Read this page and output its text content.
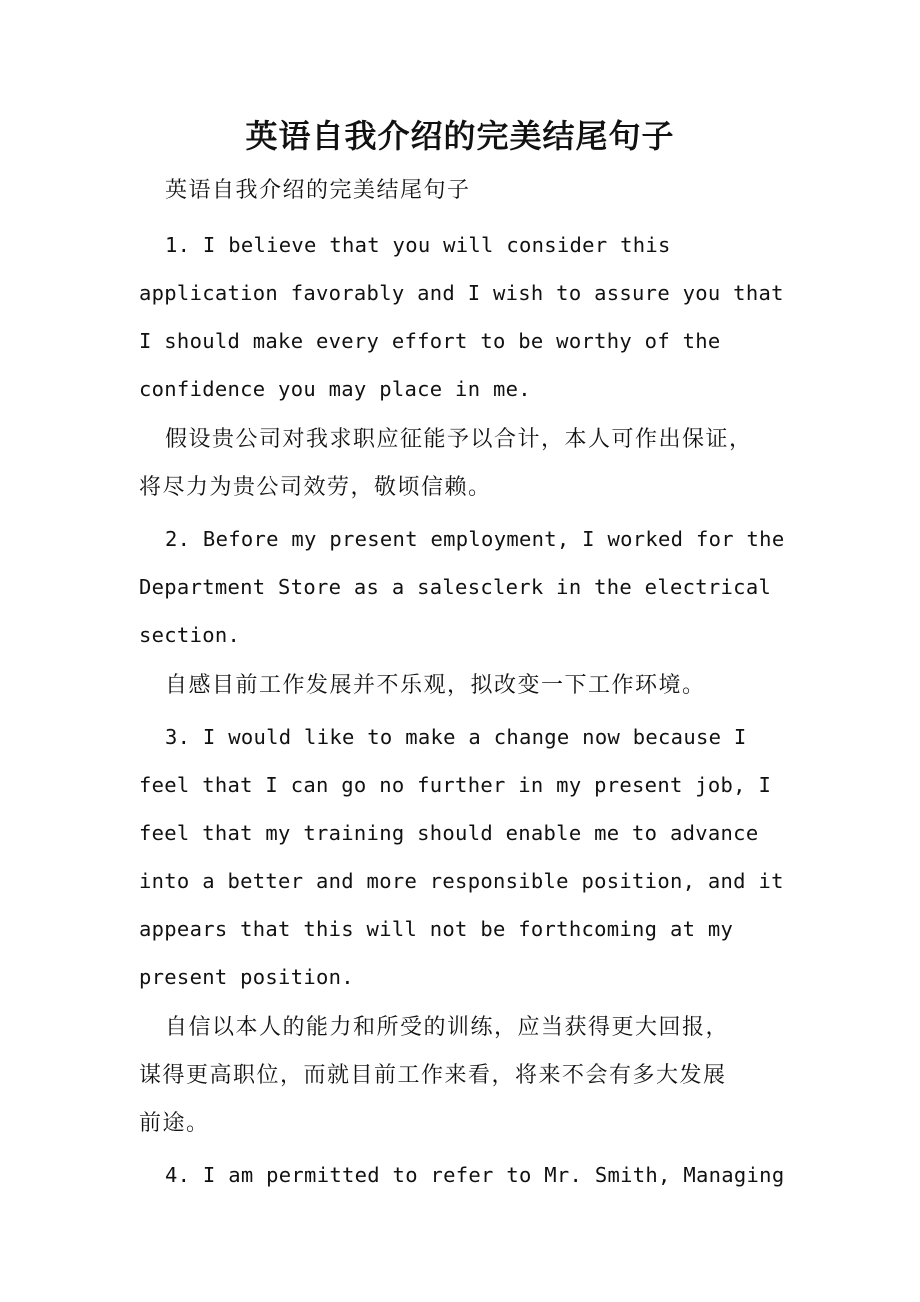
英语自我介绍的完美结尾句子

英语自我介绍的完美结尾句子

1. I believe that you will consider this
application favorably and I wish to assure you that
I should make every effort to be worthy of the
confidence you may place in me.

假设贵公司对我求职应征能予以合计，本人可作出保证，
将尽力为贵公司效劳，敬顷信赖。

2. Before my present employment, I worked for the
Department Store as a salesclerk in the electrical
section.

自感目前工作发展并不乐观，拟改变一下工作环境。

3. I would like to make a change now because I
feel that I can go no further in my present job, I
feel that my training should enable me to advance
into a better and more responsible position, and it
appears that this will not be forthcoming at my
present position.

自信以本人的能力和所受的训练，应当获得更大回报，
谋得更高职位，而就目前工作来看，将来不会有多大发展
前途。

4. I am permitted to refer to Mr. Smith, Managing
